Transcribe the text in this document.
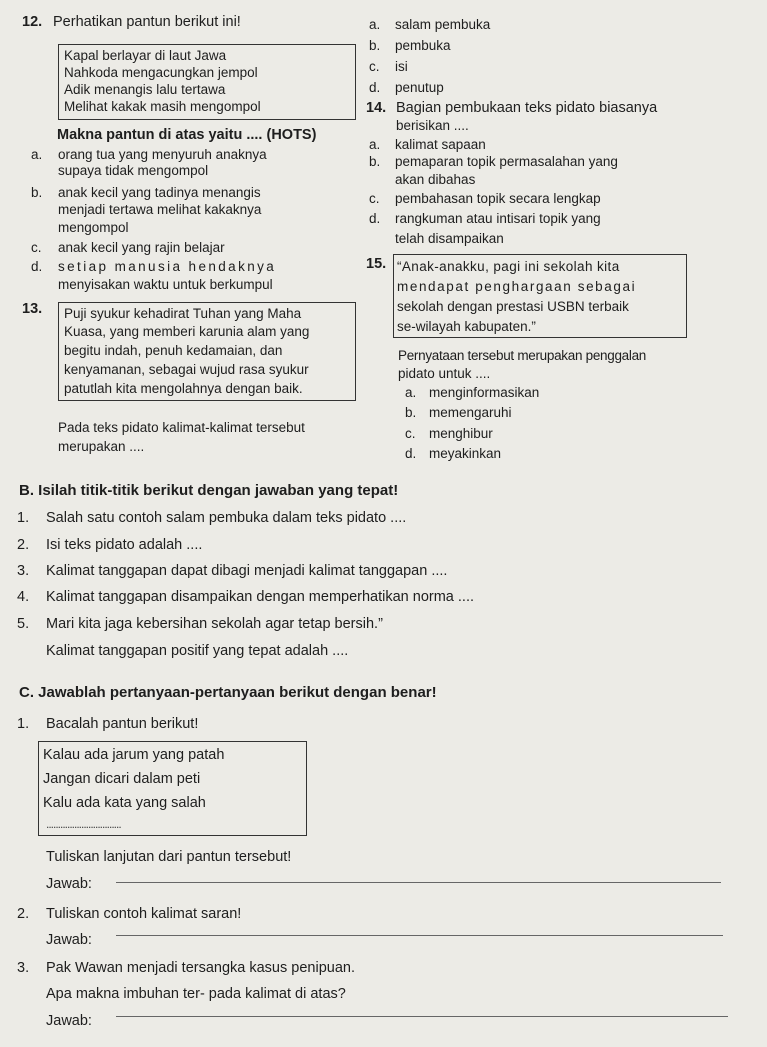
12. Perhatikan pantun berikut ini!
Kapal berlayar di laut Jawa
Nahkoda mengacungkan jempol
Adik menangis lalu tertawa
Melihat kakak masih mengompol
Makna pantun di atas yaitu .... (HOTS)
a. orang tua yang menyuruh anaknya
supaya tidak mengompol
b. anak kecil yang tadinya menangis
menjadi tertawa melihat kakaknya
mengompol
c. anak kecil yang rajin belajar
d. setiap manusia hendaknya
menyisakan waktu untuk berkumpul
13. Puji syukur kehadirat Tuhan yang Maha
Kuasa, yang memberi karunia alam yang
begitu indah, penuh kedamaian, dan
kenyamanan, sebagai wujud rasa syukur
patutlah kita mengolahnya dengan baik.
Pada teks pidato kalimat-kalimat tersebut
merupakan ....
a. salam pembuka
b. pembuka
c. isi
d. penutup
14. Bagian pembukaan teks pidato biasanya
berisikan ....
a. kalimat sapaan
b. pemaparan topik permasalahan yang
akan dibahas
c. pembahasan topik secara lengkap
d. rangkuman atau intisari topik yang
telah disampaikan
15. “Anak-anakku, pagi ini sekolah kita
mendapat penghargaan sebagai
sekolah dengan prestasi USBN terbaik
se-wilayah kabupaten.”
Pernyataan tersebut merupakan penggalan
pidato untuk ....
a. menginformasikan
b. memengaruhi
c. menghibur
d. meyakinkan
B. Isilah titik-titik berikut dengan jawaban yang tepat!
1. Salah satu contoh salam pembuka dalam teks pidato ....
2. Isi teks pidato adalah ....
3. Kalimat tanggapan dapat dibagi menjadi kalimat tanggapan ....
4. Kalimat tanggapan disampaikan dengan memperhatikan norma ....
5. Mari kita jaga kebersihan sekolah agar tetap bersih.”
Kalimat tanggapan positif yang tepat adalah ....
C. Jawablah pertanyaan-pertanyaan berikut dengan benar!
1. Bacalah pantun berikut!
Kalau ada jarum yang patah
Jangan dicari dalam peti
Kalu ada kata yang salah
................................
Tuliskan lanjutan dari pantun tersebut!
Jawab:
2. Tuliskan contoh kalimat saran!
Jawab:
3. Pak Wawan menjadi tersangka kasus penipuan.
Apa makna imbuhan ter- pada kalimat di atas?
Jawab:
